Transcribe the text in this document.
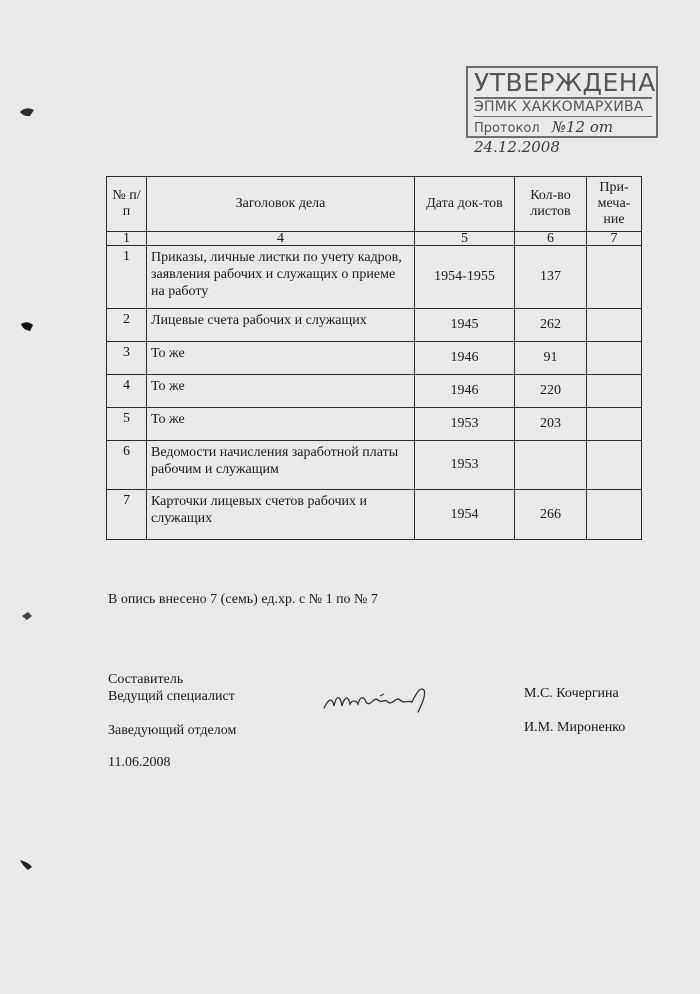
УТВЕРЖДЕНА
ЭПМК ХАККОМАРХИВА
Протокол №12 от 24.12.2008
№ п/п	Заголовок дела	Дата док-тов	Кол-во листов	При-меча-ние
1	4	5	6	7
1	Приказы, личные листки по учету кадров, заявления рабочих и служащих о приеме на работу	1954-1955	137	
2	Лицевые счета рабочих и служащих	1945	262	
3	То же	1946	91	
4	То же	1946	220	
5	То же	1953	203	
6	Ведомости начисления заработной платы рабочим и служащим	1953		
7	Карточки лицевых счетов рабочих и служащих	1954	266	
В опись внесено 7 (семь) ед.хр. с № 1 по № 7
Составитель
Ведущий специалист	М.С. Кочергина
Заведующий отделом	И.М. Мироненко
11.06.2008
